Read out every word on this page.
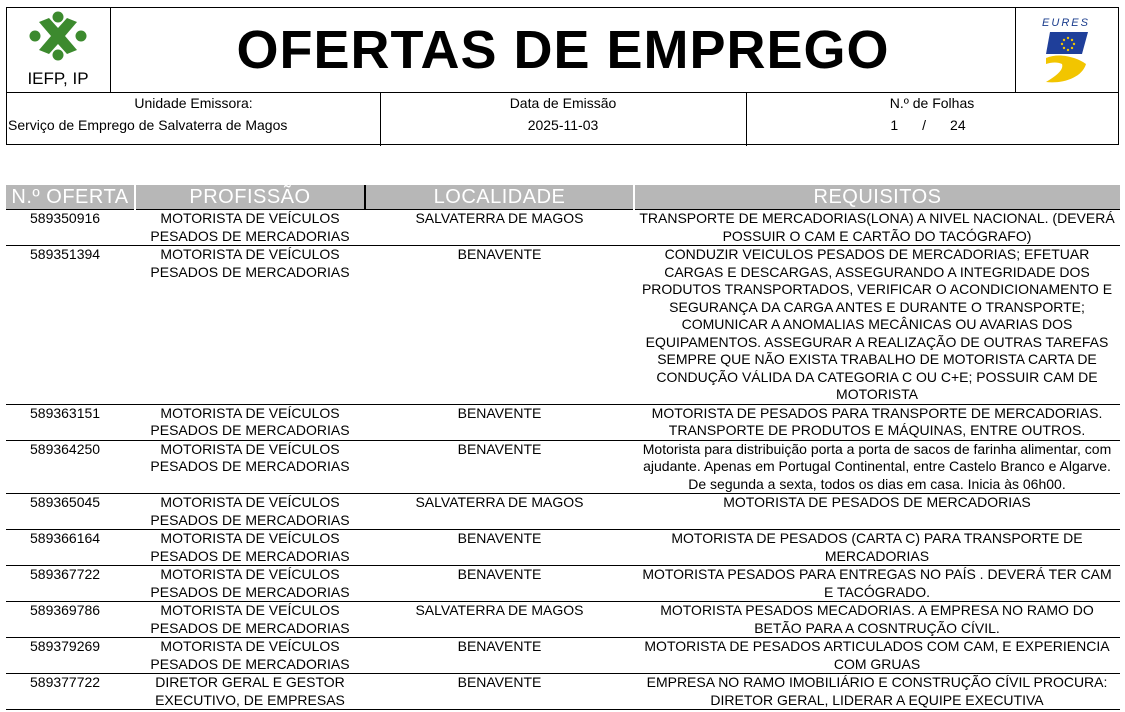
IEFP, IP	OFERTAS DE EMPREGO	EURES
Unidade Emissora:
Serviço de Emprego de Salvaterra de Magos
Data de Emissão
2025-11-03
N.º de Folhas
1 / 24
N.º OFERTA	PROFISSÃO	LOCALIDADE	REQUISITOS
589350916	MOTORISTA DE VEÍCULOS PESADOS DE MERCADORIAS	SALVATERRA DE MAGOS	TRANSPORTE DE MERCADORIAS(LONA) A NIVEL NACIONAL. (DEVERÁ POSSUIR O CAM E CARTÃO DO TACÓGRAFO)
589351394	MOTORISTA DE VEÍCULOS PESADOS DE MERCADORIAS	BENAVENTE	CONDUZIR VEICULOS PESADOS DE MERCADORIAS; EFETUAR CARGAS E DESCARGAS, ASSEGURANDO A INTEGRIDADE DOS PRODUTOS TRANSPORTADOS, VERIFICAR O ACONDICIONAMENTO E SEGURANÇA DA CARGA ANTES E DURANTE O TRANSPORTE; COMUNICAR A ANOMALIAS MECÂNICAS OU AVARIAS DOS EQUIPAMENTOS. ASSEGURAR A REALIZAÇÃO DE OUTRAS TAREFAS SEMPRE QUE NÃO EXISTA TRABALHO DE MOTORISTA CARTA DE CONDUÇÃO VÁLIDA DA CATEGORIA C OU C+E; POSSUIR CAM DE MOTORISTA
589363151	MOTORISTA DE VEÍCULOS PESADOS DE MERCADORIAS	BENAVENTE	MOTORISTA DE PESADOS PARA TRANSPORTE DE MERCADORIAS. TRANSPORTE DE PRODUTOS E MÁQUINAS, ENTRE OUTROS.
589364250	MOTORISTA DE VEÍCULOS PESADOS DE MERCADORIAS	BENAVENTE	Motorista para distribuição porta a porta de sacos de farinha alimentar, com ajudante. Apenas em Portugal Continental, entre Castelo Branco e Algarve. De segunda a sexta, todos os dias em casa. Inicia às 06h00.
589365045	MOTORISTA DE VEÍCULOS PESADOS DE MERCADORIAS	SALVATERRA DE MAGOS	MOTORISTA DE PESADOS DE MERCADORIAS
589366164	MOTORISTA DE VEÍCULOS PESADOS DE MERCADORIAS	BENAVENTE	MOTORISTA DE PESADOS (CARTA C) PARA TRANSPORTE DE MERCADORIAS
589367722	MOTORISTA DE VEÍCULOS PESADOS DE MERCADORIAS	BENAVENTE	MOTORISTA PESADOS PARA ENTREGAS NO PAÍS . DEVERÁ TER CAM E TACÓGRADO.
589369786	MOTORISTA DE VEÍCULOS PESADOS DE MERCADORIAS	SALVATERRA DE MAGOS	MOTORISTA PESADOS MECADORIAS. A EMPRESA NO RAMO DO BETÃO PARA A COSNTRUÇÃO CÍVIL.
589379269	MOTORISTA DE VEÍCULOS PESADOS DE MERCADORIAS	BENAVENTE	MOTORISTA DE PESADOS ARTICULADOS COM CAM, E EXPERIENCIA COM GRUAS
589377722	DIRETOR GERAL E GESTOR EXECUTIVO, DE EMPRESAS	BENAVENTE	EMPRESA NO RAMO IMOBILIÁRIO E CONSTRUÇÃO CÍVIL PROCURA: DIRETOR GERAL, LIDERAR A EQUIPE EXECUTIVA
